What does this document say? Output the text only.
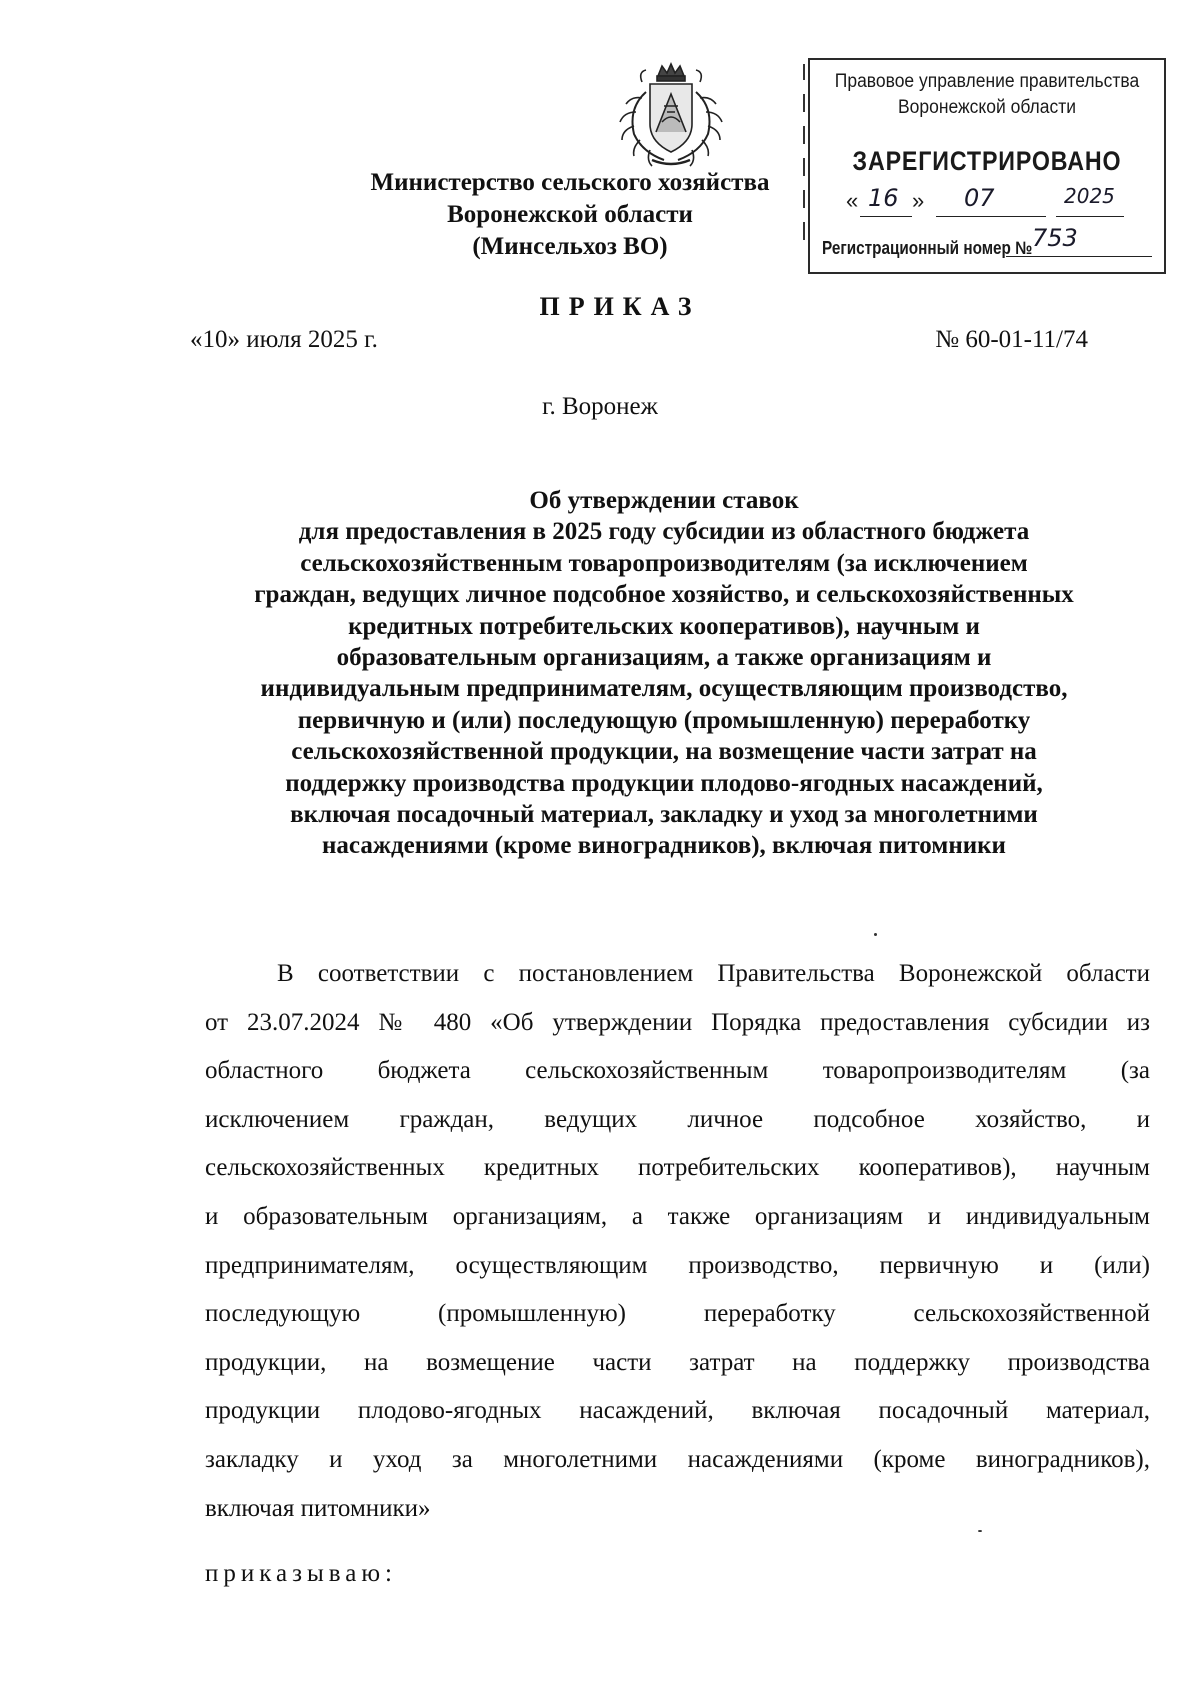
Министерство сельского хозяйства
Воронежской области
(Минсельхоз ВО)
Правовое управление правительства
Воронежской области
ЗАРЕГИСТРИРОВАНО
« 16 » 07	2025
Регистрационный номер № 753
ПРИКАЗ
«10» июля 2025 г.	№ 60-01-11/74
г. Воронеж
Об утверждении ставок
для предоставления в 2025 году субсидии из областного бюджета
сельскохозяйственным товаропроизводителям (за исключением
граждан, ведущих личное подсобное хозяйство, и сельскохозяйственных
кредитных потребительских кооперативов), научным и
образовательным организациям, а также организациям и
индивидуальным предпринимателям, осуществляющим производство,
первичную и (или) последующую (промышленную) переработку
сельскохозяйственной продукции, на возмещение части затрат на
поддержку производства продукции плодово-ягодных насаждений,
включая посадочный материал, закладку и уход за многолетними
насаждениями (кроме виноградников), включая питомники
В соответствии с постановлением Правительства Воронежской области
от 23.07.2024 № 480 «Об утверждении Порядка предоставления субсидии из
областного бюджета сельскохозяйственным товаропроизводителям (за
исключением граждан, ведущих личное подсобное хозяйство, и
сельскохозяйственных кредитных потребительских кооперативов), научным
и образовательным организациям, а также организациям и индивидуальным
предпринимателям, осуществляющим производство, первичную и (или)
последующую (промышленную) переработку сельскохозяйственной
продукции, на возмещение части затрат на поддержку производства
продукции плодово-ягодных насаждений, включая посадочный материал,
закладку и уход за многолетними насаждениями (кроме виноградников),
включая питомники»
приказываю:
